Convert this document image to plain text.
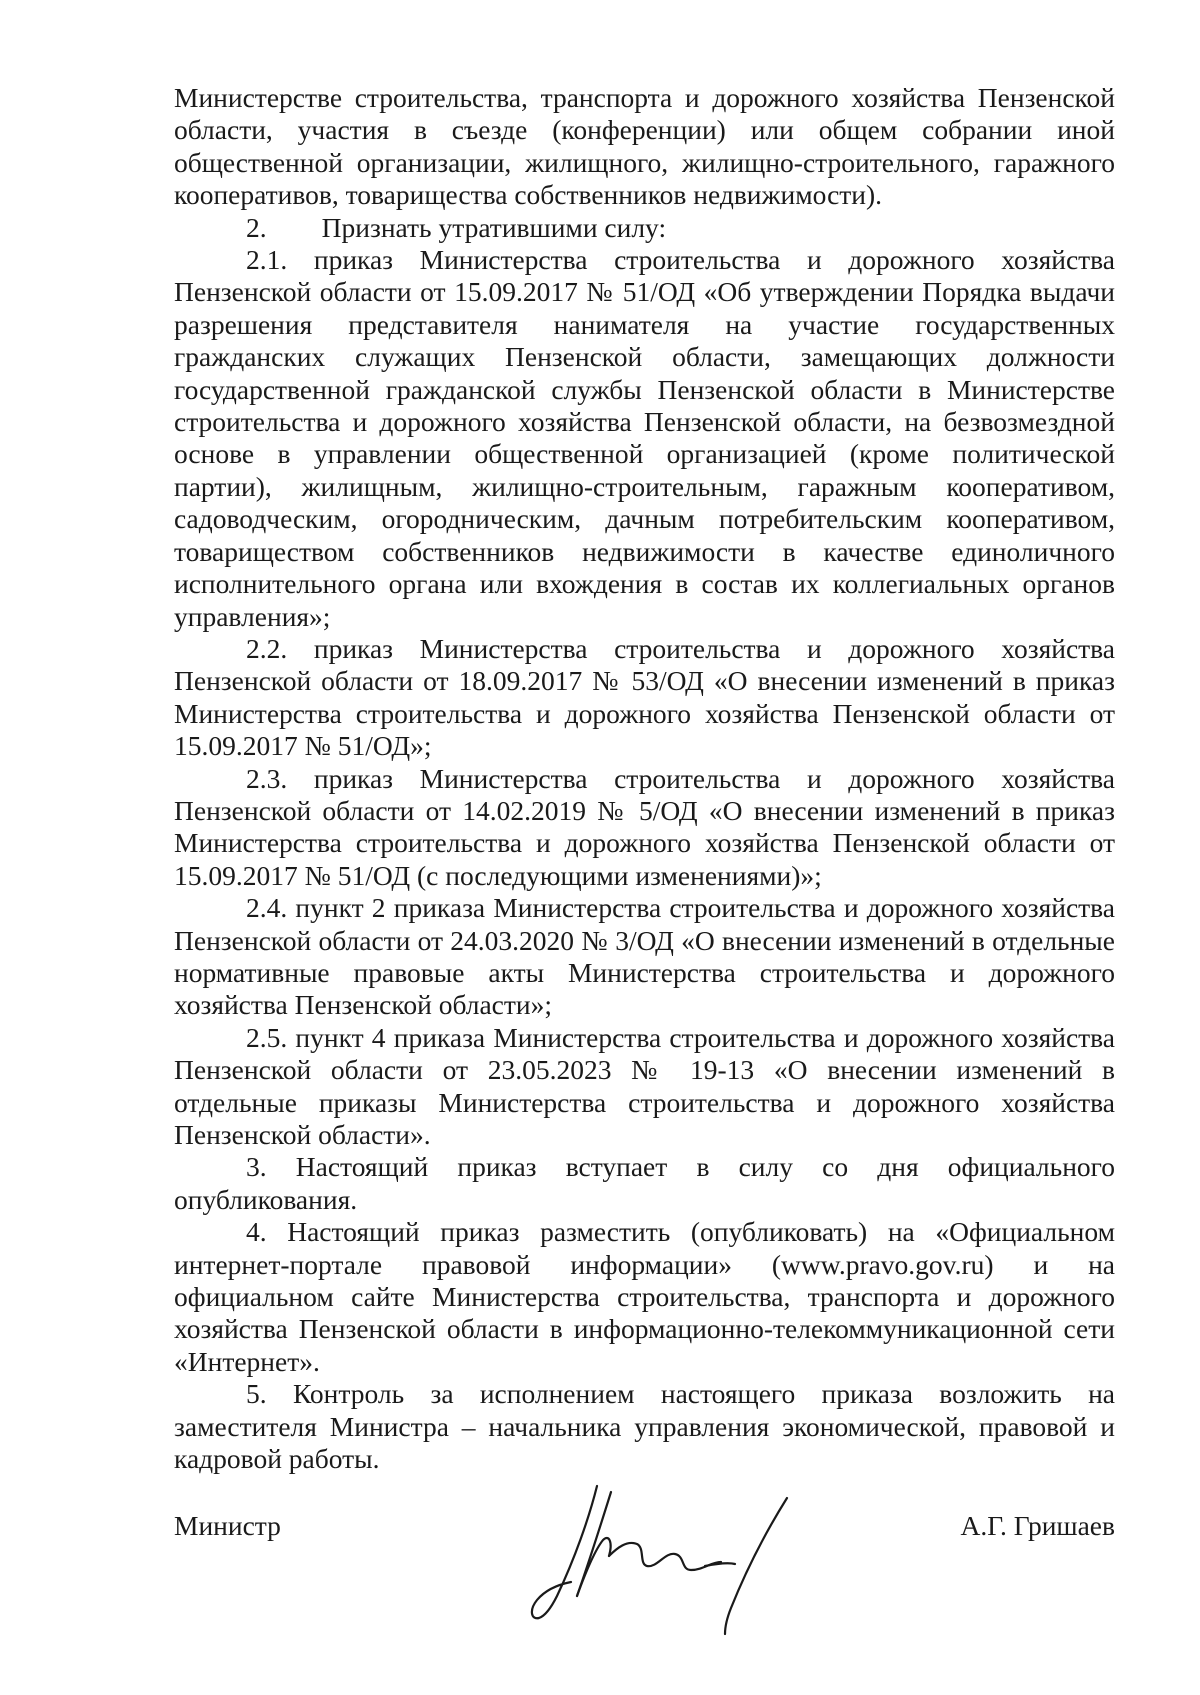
Министерстве строительства, транспорта и дорожного хозяйства Пензенской области, участия в съезде (конференции) или общем собрании иной общественной организации, жилищного, жилищно-строительного, гаражного кооперативов, товарищества собственников недвижимости).

2.        Признать утратившими силу:

2.1. приказ Министерства строительства и дорожного хозяйства Пензенской области от 15.09.2017 № 51/ОД «Об утверждении Порядка выдачи разрешения представителя нанимателя на участие государственных гражданских служащих Пензенской области, замещающих должности государственной гражданской службы Пензенской области в Министерстве строительства и дорожного хозяйства Пензенской области, на безвозмездной основе в управлении общественной организацией (кроме политической партии), жилищным, жилищно-строительным, гаражным кооперативом, садоводческим, огородническим, дачным потребительским кооперативом, товариществом собственников недвижимости в качестве единоличного исполнительного органа или вхождения в состав их коллегиальных органов управления»;

2.2. приказ Министерства строительства и дорожного хозяйства Пензенской области от 18.09.2017 № 53/ОД «О внесении изменений в приказ Министерства строительства и дорожного хозяйства Пензенской области от 15.09.2017 № 51/ОД»;

2.3. приказ Министерства строительства и дорожного хозяйства Пензенской области от 14.02.2019 № 5/ОД «О внесении изменений в приказ Министерства строительства и дорожного хозяйства Пензенской области от 15.09.2017 № 51/ОД (с последующими изменениями)»;

2.4. пункт 2 приказа Министерства строительства и дорожного хозяйства Пензенской области от 24.03.2020 № 3/ОД «О внесении изменений в отдельные нормативные правовые акты Министерства строительства и дорожного хозяйства Пензенской области»;

2.5. пункт 4 приказа Министерства строительства и дорожного хозяйства Пензенской области от 23.05.2023 № 19-13 «О внесении изменений в отдельные приказы Министерства строительства и дорожного хозяйства Пензенской области».

3. Настоящий приказ вступает в силу со дня официального опубликования.

4. Настоящий приказ разместить (опубликовать) на «Официальном интернет-портале правовой информации» (www.pravo.gov.ru) и на официальном сайте Министерства строительства, транспорта и дорожного хозяйства Пензенской области в информационно-телекоммуникационной сети «Интернет».

5. Контроль за исполнением настоящего приказа возложить на заместителя Министра – начальника управления экономической, правовой и кадровой работы.

Министр	А.Г. Гришаев
